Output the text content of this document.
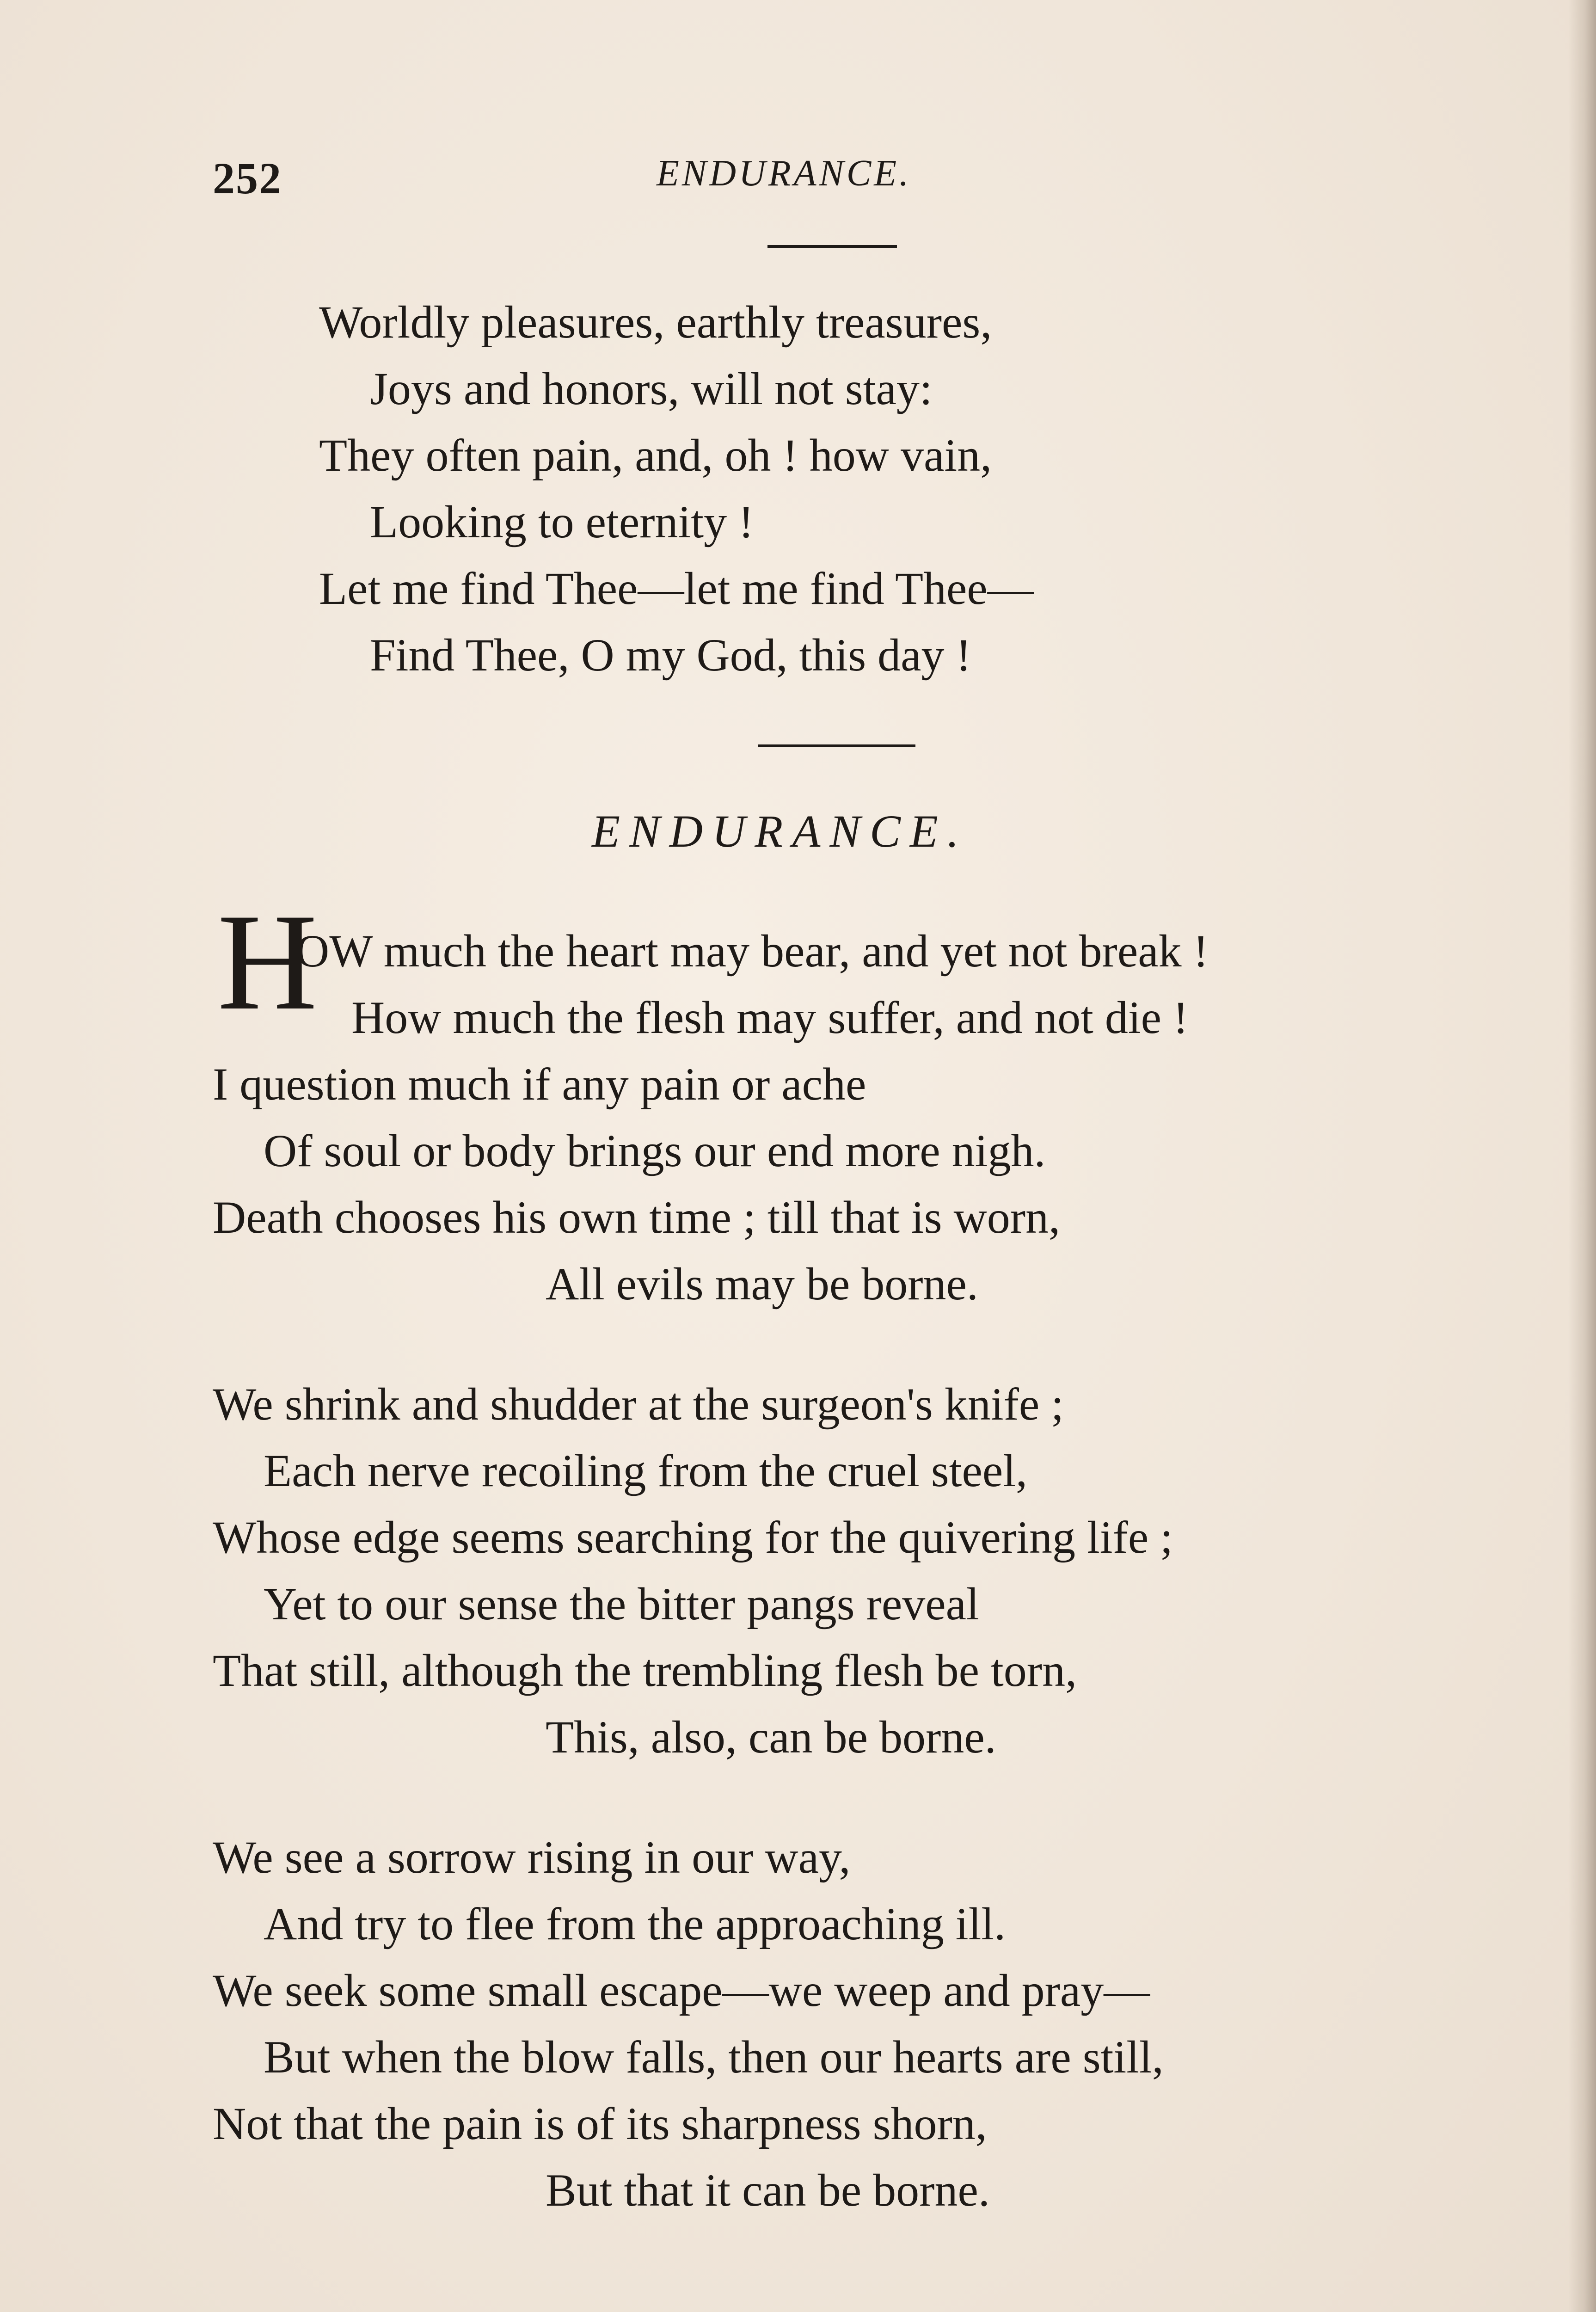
252	ENDURANCE.
Worldly pleasures, earthly treasures,
Joys and honors, will not stay:
They often pain, and, oh ! how vain,
Looking to eternity !
Let me find Thee—let me find Thee—
Find Thee, O my God, this day !
ENDURANCE.
H
OW much the heart may bear, and yet not break !
How much the flesh may suffer, and not die !
I question much if any pain or ache
Of soul or body brings our end more nigh.
Death chooses his own time ; till that is worn,
All evils may be borne.
We shrink and shudder at the surgeon's knife ;
Each nerve recoiling from the cruel steel,
Whose edge seems searching for the quivering life ;
Yet to our sense the bitter pangs reveal
That still, although the trembling flesh be torn,
This, also, can be borne.
We see a sorrow rising in our way,
And try to flee from the approaching ill.
We seek some small escape—we weep and pray—
But when the blow falls, then our hearts are still,
Not that the pain is of its sharpness shorn,
But that it can be borne.
